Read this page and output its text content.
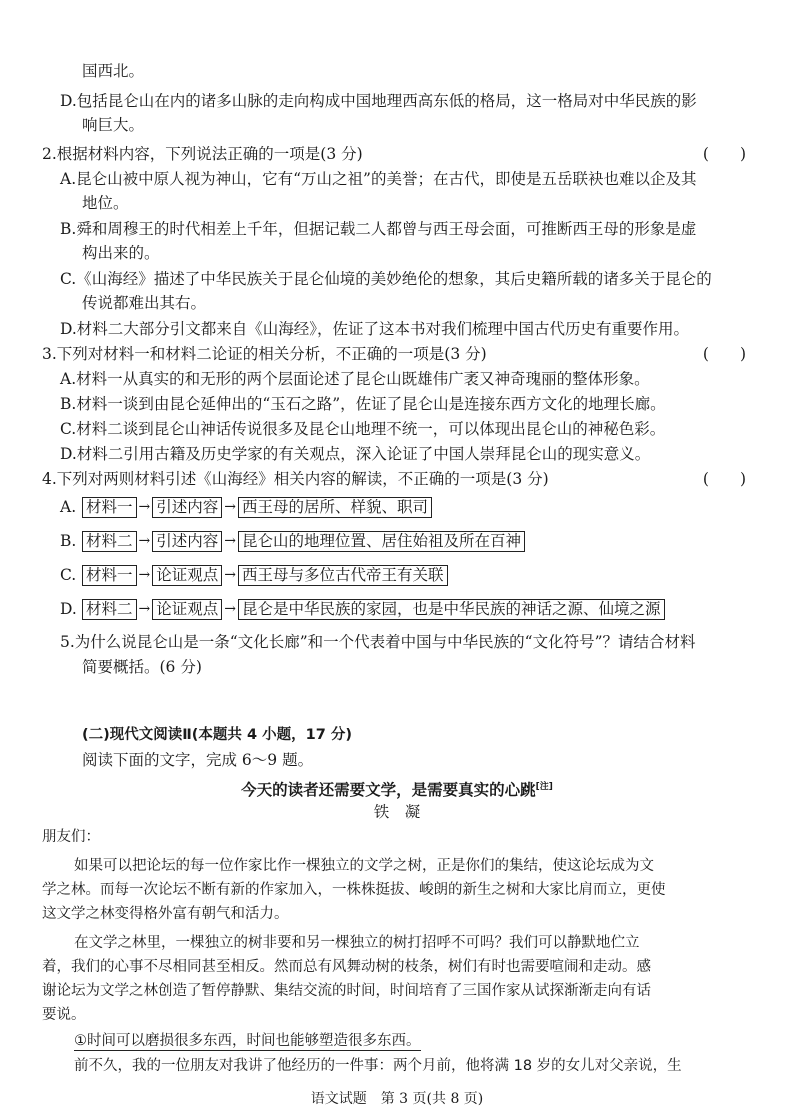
国西北。
D.包括昆仑山在内的诸多山脉的走向构成中国地理西高东低的格局，这一格局对中华民族的影
响巨大。
2.根据材料内容，下列说法正确的一项是(3 分)	(　　)
A.昆仑山被中原人视为神山，它有“万山之祖”的美誉；在古代，即使是五岳联袂也难以企及其
地位。
B.舜和周穆王的时代相差上千年，但据记载二人都曾与西王母会面，可推断西王母的形象是虚
构出来的。
C.《山海经》描述了中华民族关于昆仑仙境的美妙绝伦的想象，其后史籍所载的诸多关于昆仑的
传说都难出其右。
D.材料二大部分引文都来自《山海经》，佐证了这本书对我们梳理中国古代历史有重要作用。
3.下列对材料一和材料二论证的相关分析，不正确的一项是(3 分)	(　　)
A.材料一从真实的和无形的两个层面论述了昆仑山既雄伟广袤又神奇瑰丽的整体形象。
B.材料一谈到由昆仑延伸出的“玉石之路”，佐证了昆仑山是连接东西方文化的地理长廊。
C.材料二谈到昆仑山神话传说很多及昆仑山地理不统一，可以体现出昆仑山的神秘色彩。
D.材料二引用古籍及历史学家的有关观点，深入论证了中国人崇拜昆仑山的现实意义。
4.下列对两则材料引述《山海经》相关内容的解读，不正确的一项是(3 分)	(　　)
A. 材料一 → 引述内容 → 西王母的居所、样貌、职司
B. 材料二 → 引述内容 → 昆仑山的地理位置、居住始祖及所在百神
C. 材料一 → 论证观点 → 西王母与多位古代帝王有关联
D. 材料二 → 论证观点 → 昆仑是中华民族的家园，也是中华民族的神话之源、仙境之源
5.为什么说昆仑山是一条“文化长廊”和一个代表着中国与中华民族的“文化符号”？请结合材料
简要概括。(6 分)
(二)现代文阅读Ⅱ(本题共 4 小题，17 分)
阅读下面的文字，完成 6～9 题。
今天的读者还需要文学，是需要真实的心跳[注]
铁　凝
朋友们：
如果可以把论坛的每一位作家比作一棵独立的文学之树，正是你们的集结，使这论坛成为文
学之林。而每一次论坛不断有新的作家加入，一株株挺拔、峻朗的新生之树和大家比肩而立，更使
这文学之林变得格外富有朝气和活力。
在文学之林里，一棵独立的树非要和另一棵独立的树打招呼不可吗？我们可以静默地伫立
着，我们的心事不尽相同甚至相反。然而总有风舞动树的枝条，树们有时也需要喧闹和走动。感
谢论坛为文学之林创造了暂停静默、集结交流的时间，时间培育了三国作家从试探渐渐走向有话
要说。
①时间可以磨损很多东西，时间也能够塑造很多东西。
前不久，我的一位朋友对我讲了他经历的一件事：两个月前，他将满 18 岁的女儿对父亲说，生
语文试题　第 3 页(共 8 页)
